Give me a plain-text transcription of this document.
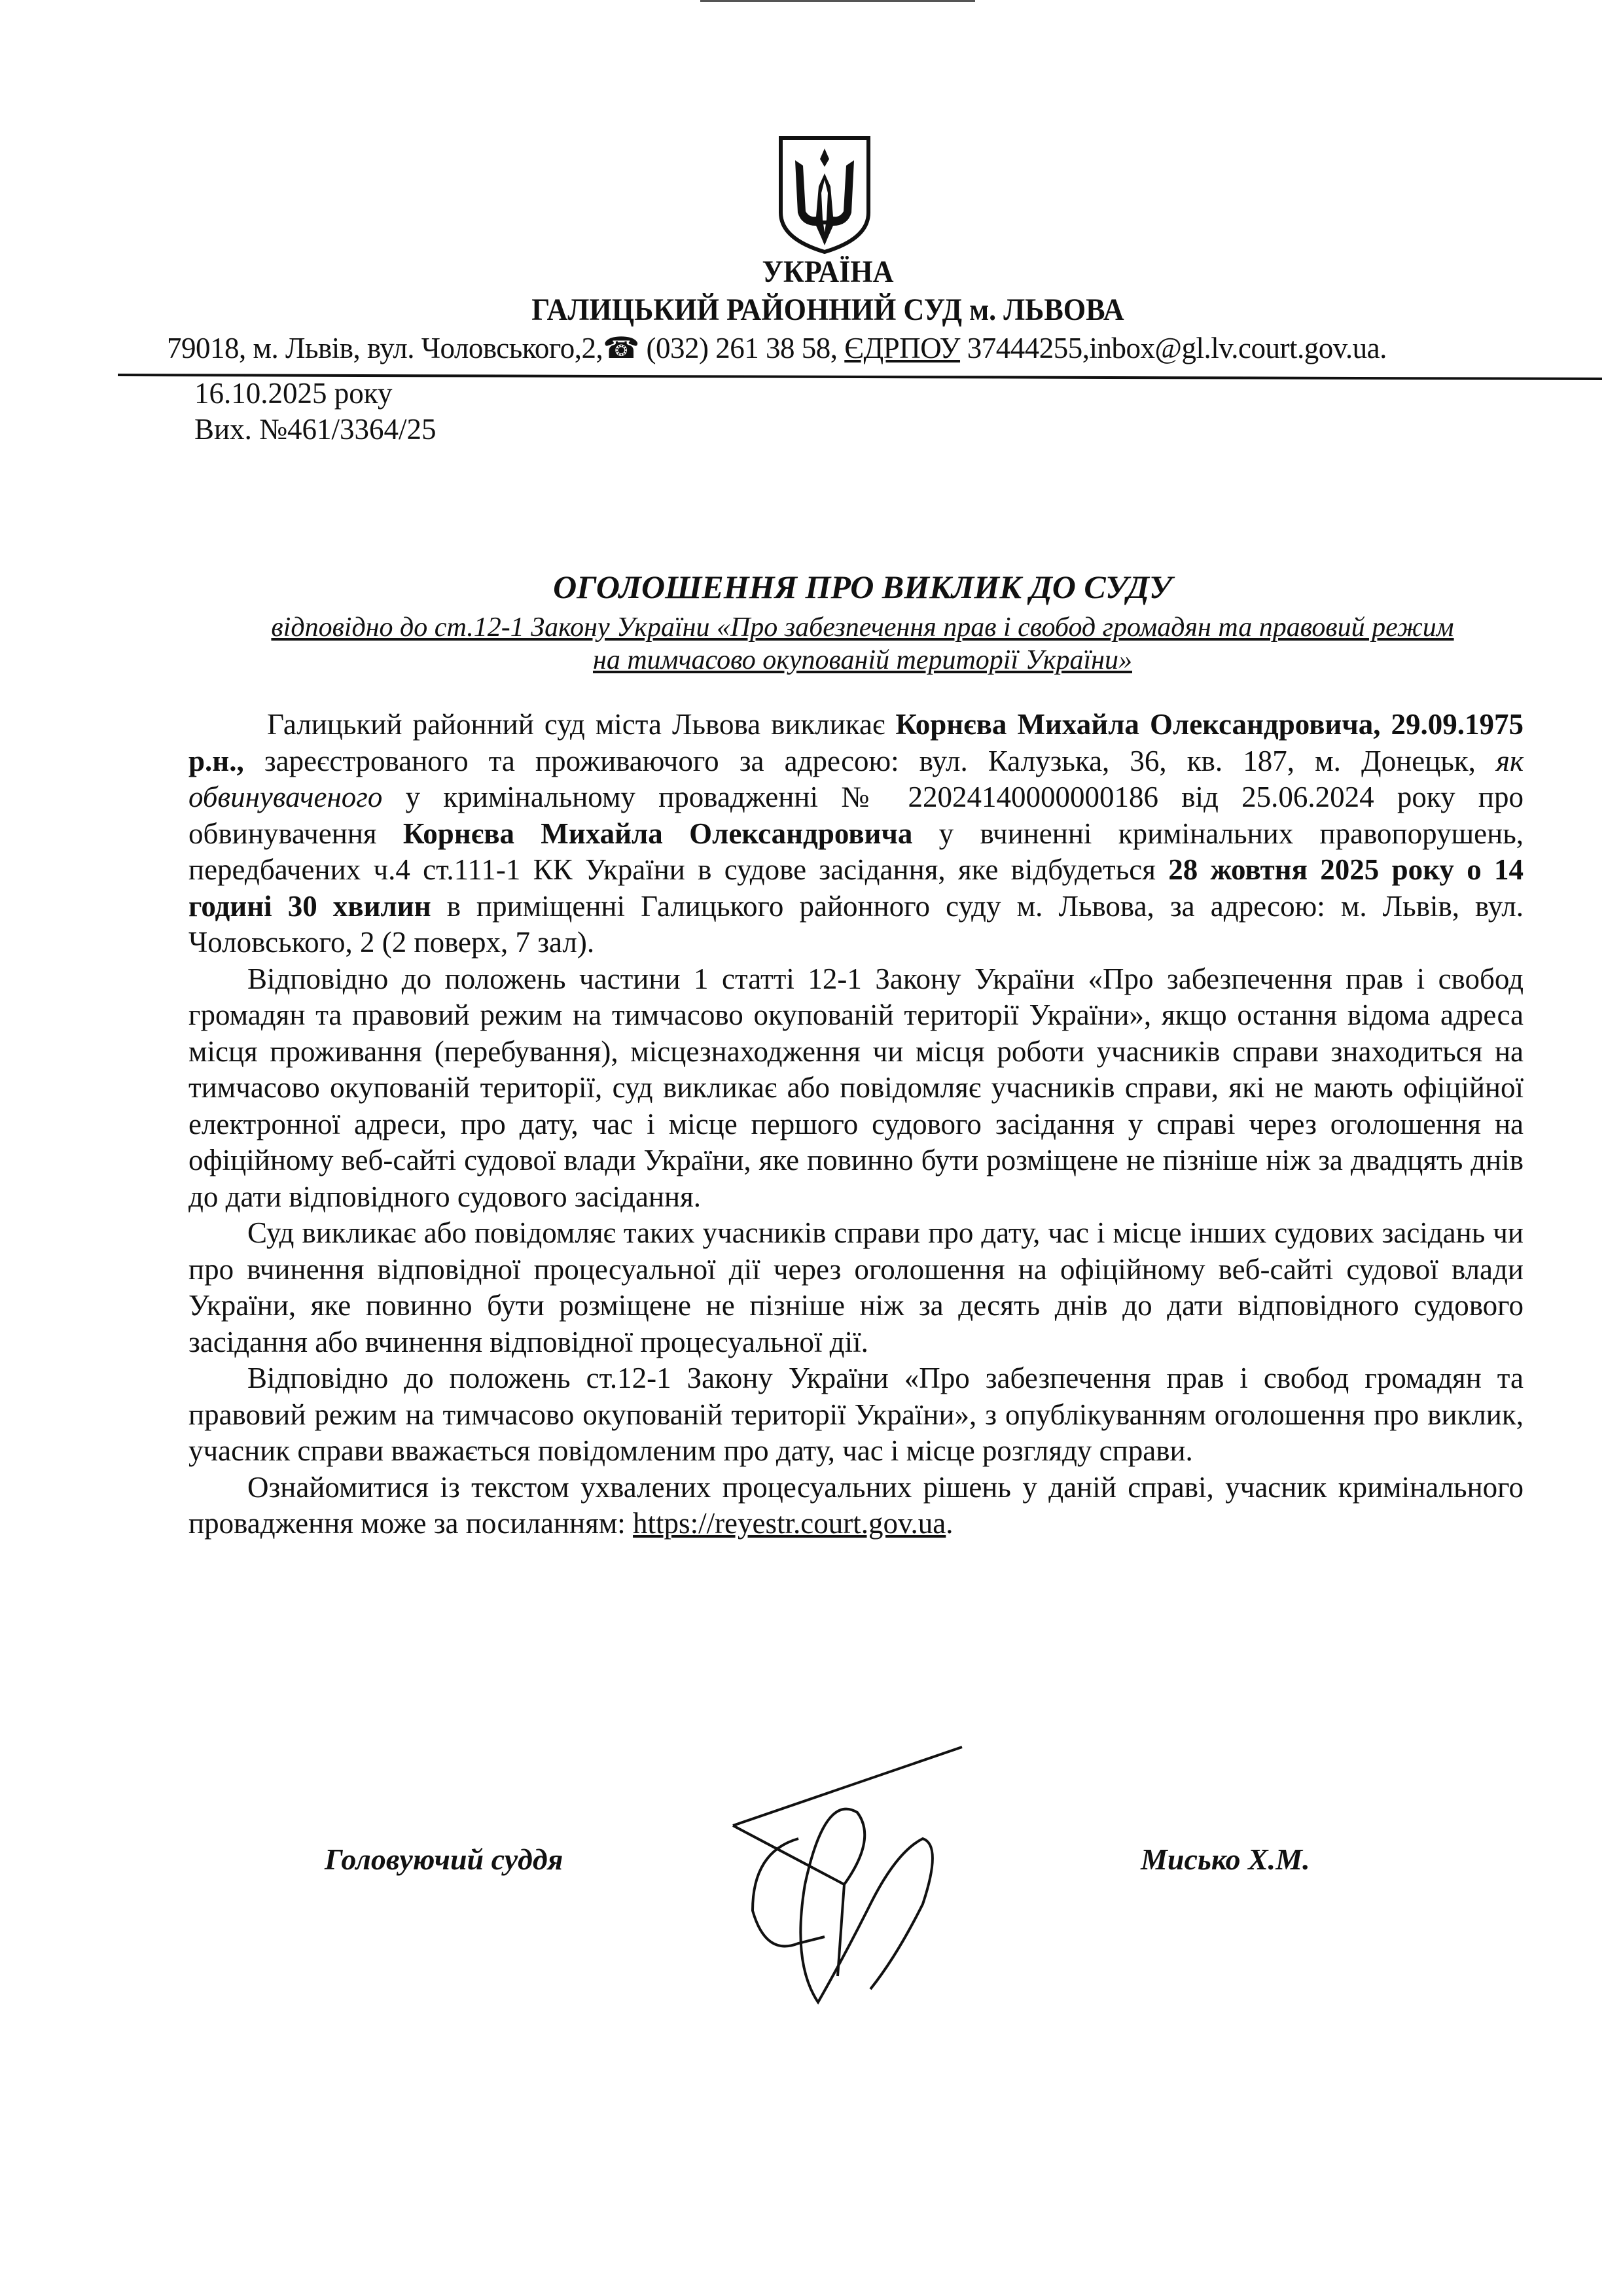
УКРАЇНА
ГАЛИЦЬКИЙ РАЙОННИЙ СУД м. ЛЬВОВА
79018, м. Львів, вул. Чоловського,2,☎ (032) 261 38 58, ЄДРПОУ 37444255,inbox@gl.lv.court.gov.ua.
16.10.2025 року
Вих. №461/3364/25
ОГОЛОШЕННЯ ПРО ВИКЛИК ДО СУДУ
відповідно до ст.12-1 Закону України «Про забезпечення прав і свобод громадян та правовий режим
на тимчасово окупованій території України»

Галицький районний суд міста Львова викликає Корнєва Михайла Олександровича, 29.09.1975 р.н., зареєстрованого та проживаючого за адресою: вул. Калузька, 36, кв. 187, м. Донецьк, як обвинуваченого у кримінальному провадженні № 22024140000000186 від 25.06.2024 року про обвинувачення Корнєва Михайла Олександровича у вчиненні кримінальних правопорушень, передбачених ч.4 ст.111-1 КК України в судове засідання, яке відбудеться 28 жовтня 2025 року о 14 годині 30 хвилин в приміщенні Галицького районного суду м. Львова, за адресою: м. Львів, вул. Чоловського, 2 (2 поверх, 7 зал).

Відповідно до положень частини 1 статті 12-1 Закону України «Про забезпечення прав і свобод громадян та правовий режим на тимчасово окупованій території України», якщо остання відома адреса місця проживання (перебування), місцезнаходження чи місця роботи учасників справи знаходиться на тимчасово окупованій території, суд викликає або повідомляє учасників справи, які не мають офіційної електронної адреси, про дату, час і місце першого судового засідання у справі через оголошення на офіційному веб-сайті судової влади України, яке повинно бути розміщене не пізніше ніж за двадцять днів до дати відповідного судового засідання.

Суд викликає або повідомляє таких учасників справи про дату, час і місце інших судових засідань чи про вчинення відповідної процесуальної дії через оголошення на офіційному веб-сайті судової влади України, яке повинно бути розміщене не пізніше ніж за десять днів до дати відповідного судового засідання або вчинення відповідної процесуальної дії.

Відповідно до положень ст.12-1 Закону України «Про забезпечення прав і свобод громадян та правовий режим на тимчасово окупованій території України», з опублікуванням оголошення про виклик, учасник справи вважається повідомленим про дату, час і місце розгляду справи.

Ознайомитися із текстом ухвалених процесуальних рішень у даній справі, учасник кримінального провадження може за посиланням: https://reyestr.court.gov.ua.

Головуючий суддя	Мисько Х.М.
